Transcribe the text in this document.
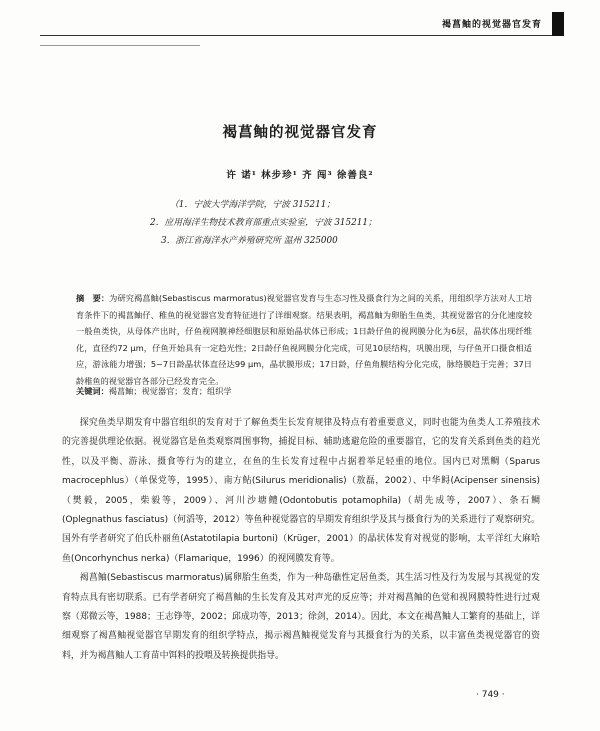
褐菖鲉的视觉器官发育
褐菖鲉的视觉器官发育
许 诺¹ 林步珍¹ 齐 闯³ 徐善良²
（1．宁波大学海洋学院，宁波 315211；
2．应用海洋生物技术教育部重点实验室，宁波 315211；
3．浙江省海洋水产养殖研究所 温州 325000
摘　要：为研究褐菖鲉(Sebastiscus marmoratus)视觉器官发育与生态习性及摄食行为之间的关系，用组织学方法对人工培育条件下的褐菖鲉仔、稚鱼的视觉器官发育特征进行了详细观察。结果表明，褐菖鲉为卵胎生鱼类，其视觉器官的分化速度较一般鱼类快，从母体产出时，仔鱼视网膜神经细胞层和原始晶状体已形成；1日龄仔鱼的视网膜分化为6层，晶状体出现纤维化，直径约72 μm，仔鱼开始具有一定趋光性；2日龄仔鱼视网膜分化完成，可见10层结构，巩膜出现，与仔鱼开口摄食相适应，游泳能力增强；5~7日龄晶状体直径达99 μm，晶状膜形成；17日龄，仔鱼角膜结构分化完成，脉络膜趋于完善；37日龄稚鱼的视觉器官各部分已经发育完全。
关键词：褐菖鲉；视觉器官；发育；组织学

探究鱼类早期发育中器官组织的发育对于了解鱼类生长发育规律及特点有着重要意义，同时也能为鱼类人工养殖技术的完善提供理论依据。视觉器官是鱼类观察周围事物，捕捉目标、辅助逃避危险的重要器官，它的发育关系到鱼类的趋光性，以及平衡、游泳、摄食等行为的建立，在鱼的生长发育过程中占据着举足轻重的地位。国内已对黑鲷（Sparus macrocephlus）（单保党等，1995）、南方鲇(Silurus meridionalis)（敖磊，2002）、中华鲟(Acipenser sinensis)（樊毅，2005，柴毅等，2009）、河川沙塘鳢(Odontobutis potamophila)（胡先成等，2007）、条石鲷(Oplegnathus fasciatus)（何滔等，2012）等鱼种视觉器官的早期发育组织学及其与摄食行为的关系进行了观察研究。国外有学者研究了伯氏朴丽鱼(Astatotilapia burtoni)（Krüger，2001）的晶状体发育对视觉的影响，太平洋红大麻哈鱼(Oncorhynchus nerka)（Flamarique，1996）的视网膜发育等。

褐菖鲉(Sebastiscus marmoratus)属卵胎生鱼类，作为一种岛礁性定居鱼类，其生活习性及行为发展与其视觉的发育特点具有密切联系。已有学者研究了褐菖鲉的生长发育及其对声光的反应等；并对褐菖鲉的色觉和视网膜特性进行过观察（郑微云等，1988；王志铮等，2002；邱成功等，2013；徐剑，2014）。因此，本文在褐菖鲉人工繁育的基础上，详细观察了褐菖鲉视觉器官早期发育的组织学特点，揭示褐菖鲉视觉发育与其摄食行为的关系，以丰富鱼类视觉器官的资料，并为褐菖鲉人工育苗中饵料的投喂及转换提供指导。

· 749 ·
